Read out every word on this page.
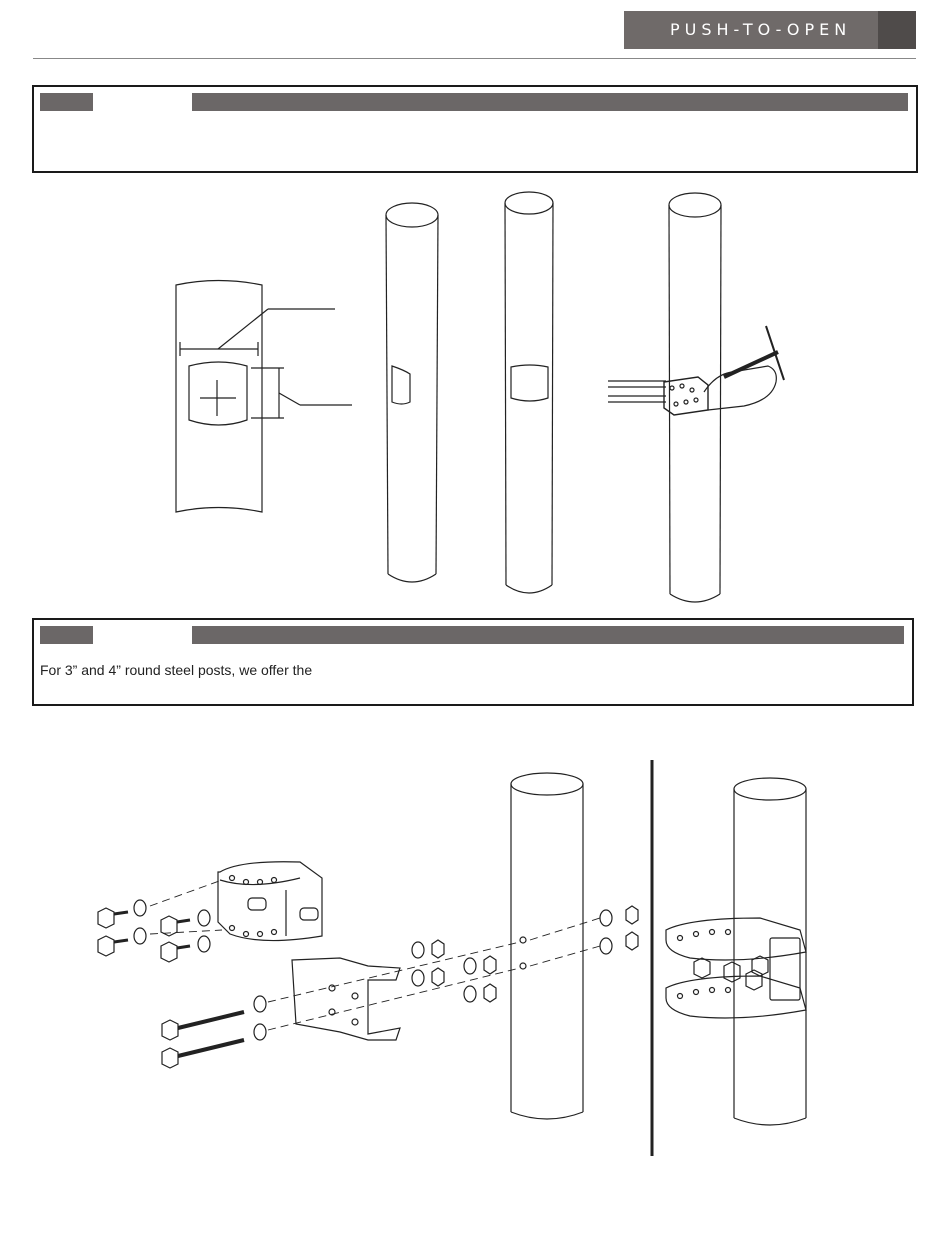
PUSH-TO-OPEN
For 3” and 4” round steel posts, we offer the
